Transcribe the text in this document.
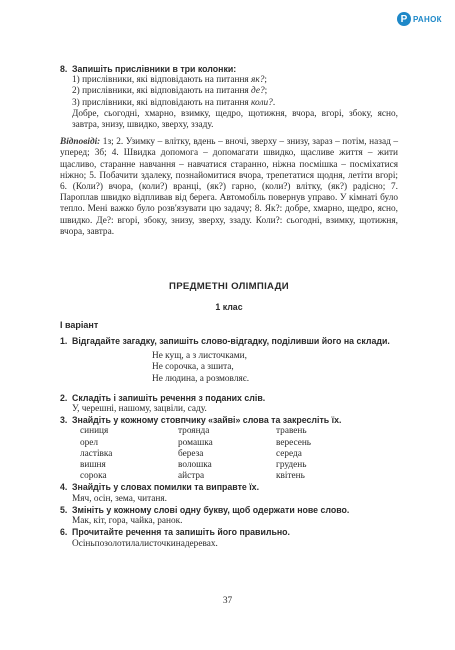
Р РАНОК
8. Запишіть прислівники в три колонки:
1) прислівники, які відповідають на питання як?;
2) прислівники, які відповідають на питання де?;
3) прислівники, які відповідають на питання коли?.
Добре, сьогодні, хмарно, взимку, щедро, щотижня, вчора, вгорі, збоку, ясно, завтра, знизу, швидко, зверху, ззаду.
Відповіді: 1з; 2. Узимку – влітку, вдень – вночі, зверху – знизу, зараз – потім, назад – уперед; 3б; 4. Швидка допомога – допомагати швидко, щасливе життя – жити щасливо, старанне навчання – навчатися старанно, ніжна посмішка – посміхатися ніжно; 5. Побачити здалеку, познайомитися вчора, трепетатися щодня, летіти вгорі; 6. (Коли?) вчора, (коли?) вранці, (як?) гарно, (коли?) влітку, (як?) радісно; 7. Пароплав швидко відпливав від берега. Автомобіль повернув управо. У кімнаті було тепло. Мені важко було розв'язувати цю задачу; 8. Як?: добре, хмарно, щедро, ясно, швидко. Де?: вгорі, збоку, знизу, зверху, ззаду. Коли?: сьогодні, взимку, щотижня, вчора, завтра.
ПРЕДМЕТНІ ОЛІМПІАДИ
1 клас

І варіант

1. Відгадайте загадку, запишіть слово-відгадку, поділивши його на склади.
Не кущ, а з листочками,
Не сорочка, а зшита,
Не людина, а розмовляє.
2. Складіть і запишіть речення з поданих слів.
У, черешні, нашому, зацвіли, саду.
3. Знайдіть у кожному стовпчику «зайві» слова та закресліть їх.
синиця	троянда	травень
орел	ромашка	вересень
ластівка	береза	середа
вишня	волошка	грудень
сорока	айстра	квітень
4. Знайдіть у словах помилки та виправте їх.
Мяч, осін, зема, читаня.
5. Змініть у кожному слові одну букву, щоб одержати нове слово.
Мак, кіт, гора, чайка, ранок.
6. Прочитайте речення та запишіть його правильно.
Осіньпозолотилалисточкинадеревах.
37
